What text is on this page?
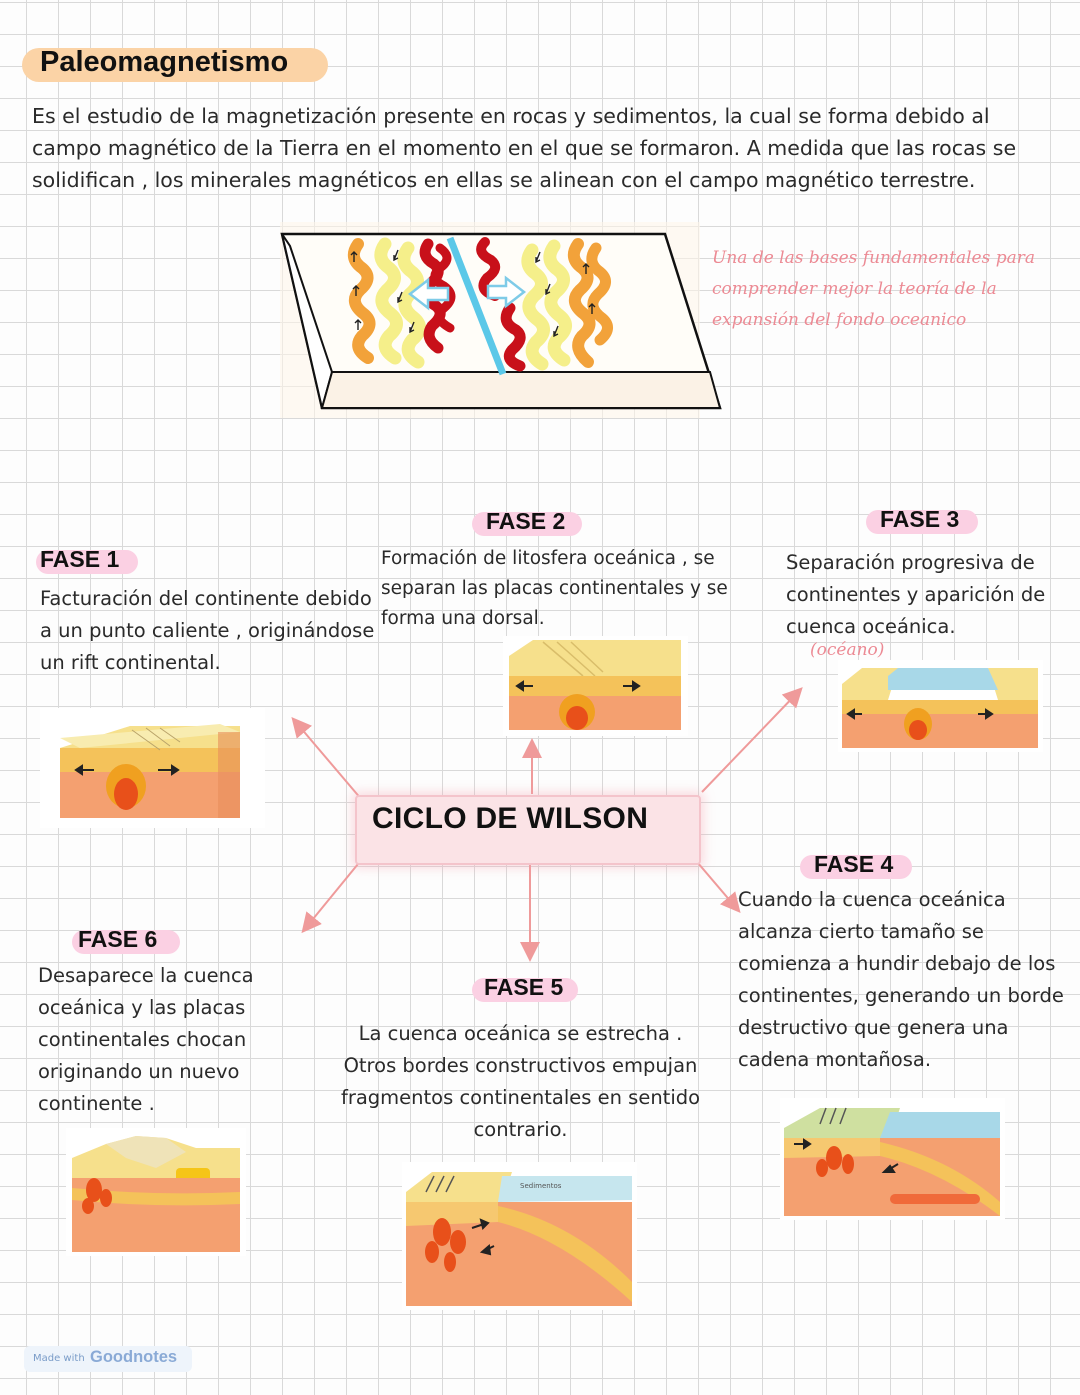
Paleomagnetismo
Es el estudio de la magnetización presente en rocas y sedimentos, la cual se forma debido al campo magnético de la Tierra en el momento en el que se formaron. A medida que las rocas se solidifican , los minerales magnéticos en ellas se alinean con el campo magnético terrestre.
Una de las bases fundamentales para comprender mejor la teoría de la expansión del fondo oceanico
CICLO DE WILSON
FASE 1
Facturación del continente debido a un punto caliente , originándose un rift continental.
FASE 2
Formación de litosfera oceánica , se separan las placas continentales y se forma una dorsal.
FASE 3
Separación progresiva de continentes y aparición de cuenca oceánica.
(océano)
FASE 4
Cuando la cuenca oceánica alcanza cierto tamaño se comienza a hundir debajo de los continentes, generando un borde destructivo que genera una cadena montañosa.
FASE 5
La cuenca oceánica se estrecha . Otros bordes constructivos empujan fragmentos continentales en sentido contrario.
FASE 6
Desaparece la cuenca oceánica y las placas continentales chocan originando un nuevo continente .
Sedimentos
Made with Goodnotes
